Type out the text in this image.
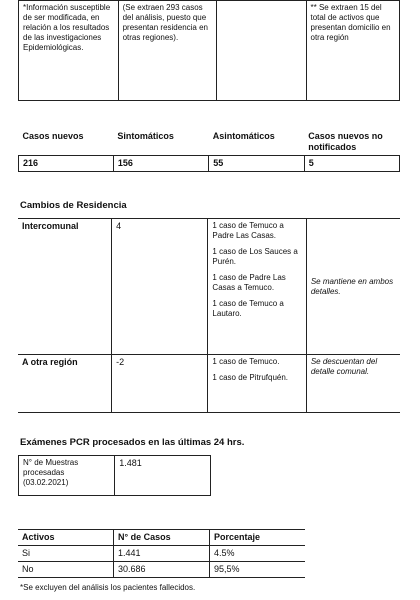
*Información susceptible de ser modificada, en relación a los resultados de las investigaciones Epidemiológicas.	(Se extraen 293 casos del análisis, puesto que presentan residencia en otras regiones).		** Se extraen 15 del total de activos que presentan domicilio en otra región
Casos nuevos	Sintomáticos	Asintomáticos	Casos nuevos no notificados
216	156	55	5
Cambios de Residencia
Intercomunal	4	1 caso de Temuco a Padre Las Casas.
1 caso de Los Sauces a Purén.
1 caso de Padre Las Casas a Temuco.
1 caso de Temuco a Lautaro.	Se mantiene en ambos detalles.
A otra región	-2	1 caso de Temuco.
1 caso de Pitrufquén.	Se descuentan del detalle comunal.
Exámenes PCR procesados en las últimas 24 hrs.
N° de Muestras procesadas (03.02.2021)	1.481
Activos	N° de Casos	Porcentaje
Si	1.441	4.5%
No	30.686	95,5%
*Se excluyen del análisis los pacientes fallecidos.
